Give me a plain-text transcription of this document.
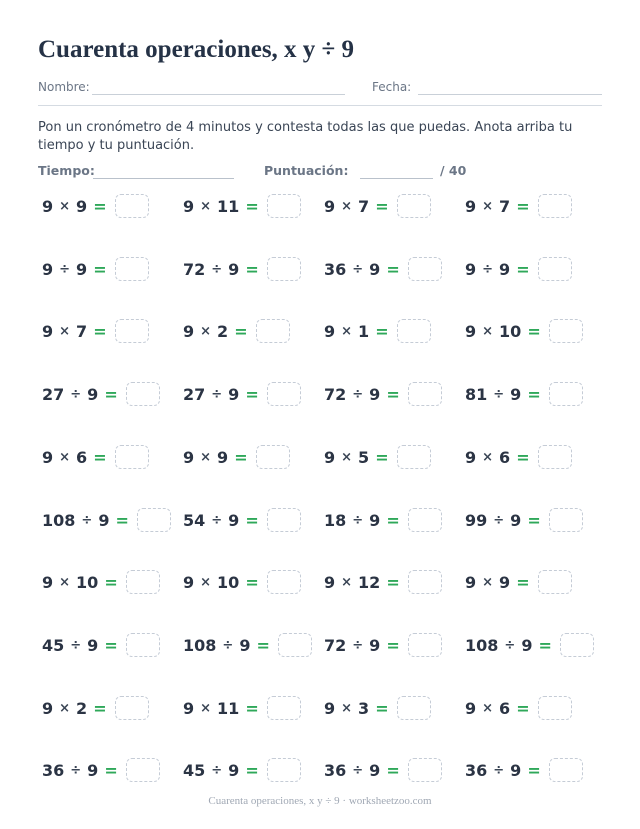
Cuarenta operaciones, x y ÷ 9
Nombre:	Fecha:
Pon un cronómetro de 4 minutos y contesta todas las que puedas. Anota arriba tu tiempo y tu puntuación.
Tiempo:	Puntuación:	/ 40
9 × 9 =	9 × 11 =	9 × 7 =	9 × 7 =
9 ÷ 9 =	72 ÷ 9 =	36 ÷ 9 =	9 ÷ 9 =
9 × 7 =	9 × 2 =	9 × 1 =	9 × 10 =
27 ÷ 9 =	27 ÷ 9 =	72 ÷ 9 =	81 ÷ 9 =
9 × 6 =	9 × 9 =	9 × 5 =	9 × 6 =
108 ÷ 9 =	54 ÷ 9 =	18 ÷ 9 =	99 ÷ 9 =
9 × 10 =	9 × 10 =	9 × 12 =	9 × 9 =
45 ÷ 9 =	108 ÷ 9 =	72 ÷ 9 =	108 ÷ 9 =
9 × 2 =	9 × 11 =	9 × 3 =	9 × 6 =
36 ÷ 9 =	45 ÷ 9 =	36 ÷ 9 =	36 ÷ 9 =
Cuarenta operaciones, x y ÷ 9 · worksheetzoo.com
